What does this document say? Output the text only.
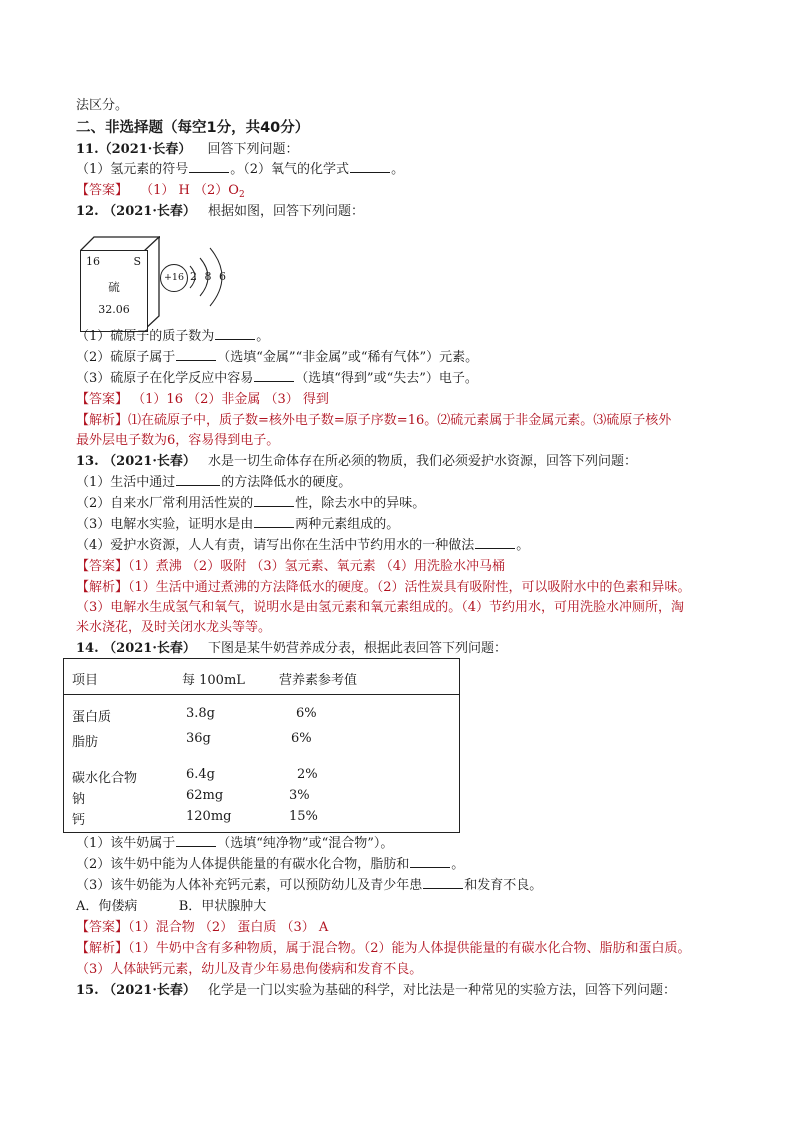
法区分。
二、非选择题（每空1分，共40分）
11.（2021·长春） 回答下列问题：
（1）氢元素的符号	。（2）氧气的化学式	。
【答案】 （1） H $(2)O_2$
12. （2021·长春） 根据如图，回答下列问题：
16	S
硫
32.06
+16 2 8 6
（1）硫原子的质子数为	。
（2）硫原子属于	（选填“金属”“非金属”或“稀有气体”）元素。
（3）硫原子在化学反应中容易	（选填“得到”或“失去”）电子。
【答案】 （1）16 （2）非金属 （3） 得到
【解析】⑴在硫原子中，质子数=核外电子数=原子序数=16。⑵硫元素属于非金属元素。⑶硫原子核外
最外层电子数为6，容易得到电子。
13. （2021·长春） 水是一切生命体存在所必须的物质，我们必须爱护水资源，回答下列问题：
（1）生活中通过	的方法降低水的硬度。
（2）自来水厂常利用活性炭的	性，除去水中的异味。
（3）电解水实验，证明水是由	两种元素组成的。
（4）爱护水资源，人人有责，请写出你在生活中节约用水的一种做法	。
【答案】（1）煮沸 （2）吸附 （3）氢元素、氧元素 （4）用洗脸水冲马桶
【解析】（1）生活中通过煮沸的方法降低水的硬度。（2）活性炭具有吸附性，可以吸附水中的色素和异味。
（3）电解水生成氢气和氧气，说明水是由氢元素和氧元素组成的。（4）节约用水，可用洗脸水冲厕所，淘
米水浇花，及时关闭水龙头等等。
14. （2021·长春） 下图是某牛奶营养成分表，根据此表回答下列问题：
项目	每 100mL	营养素参考值
蛋白质	3.8g	6%
脂肪	36g	6%
碳水化合物	6.4g	2%
钠	62mg	3%
钙	120mg	15%
（1）该牛奶属于	（选填“纯净物”或“混合物”）。
（2）该牛奶中能为人体提供能量的有碳水化合物，脂肪和	。
（3）该牛奶能为人体补充钙元素，可以预防幼儿及青少年患	和发育不良。
A．佝偻病          B．甲状腺肿大
【答案】（1）混合物 （2） 蛋白质 （3） A
【解析】（1）牛奶中含有多种物质，属于混合物。（2）能为人体提供能量的有碳水化合物、脂肪和蛋白质。
（3）人体缺钙元素，幼儿及青少年易患佝偻病和发育不良。
15. （2021·长春） 化学是一门以实验为基础的科学，对比法是一种常见的实验方法，回答下列问题：
